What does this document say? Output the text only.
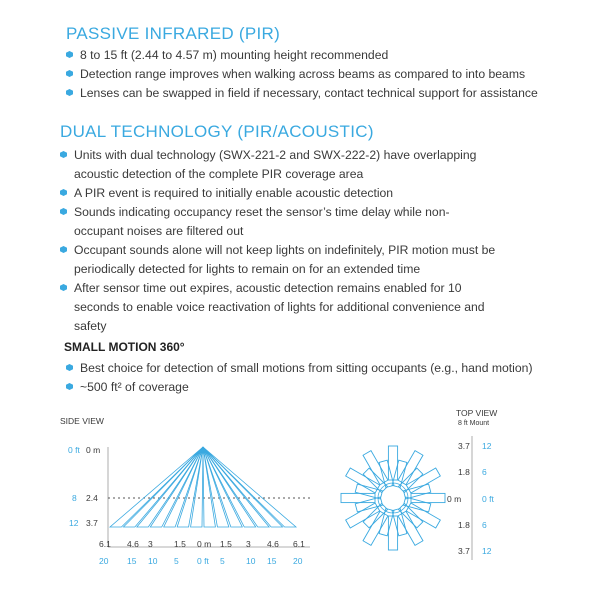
PASSIVE INFRARED (PIR)
8 to 15 ft (2.44 to 4.57 m) mounting height recommended
Detection range improves when walking across beams as compared to into beams
Lenses can be swapped in field if necessary, contact technical support for assistance
DUAL TECHNOLOGY (PIR/ACOUSTIC)
Units with dual technology (SWX-221-2 and SWX-222-2) have overlapping acoustic detection of the complete PIR coverage area
A PIR event is required to initially enable acoustic detection
Sounds indicating occupancy reset the sensor’s time delay while non-occupant noises are filtered out
Occupant sounds alone will not keep lights on indefinitely, PIR motion must be periodically detected for lights to remain on for an extended time
After sensor time out expires, acoustic detection remains enabled for 10 seconds to enable voice reactivation of lights for additional convenience and safety
SMALL MOTION 360°
Best choice for detection of small motions from sitting occupants (e.g., hand motion)
~500 ft² of coverage
SIDE VIEW
0 ft 0 m
8 2.4
12 3.7
6.1 4.6 3	1.5 0 m 1.5 3 4.6 6.1
20 15 10 5 0 ft 5	10 15 20
TOP VIEW
8 ft Mount
3.7
1.8
0 m
1.8
3.7
12
6
0 ft
6
12
